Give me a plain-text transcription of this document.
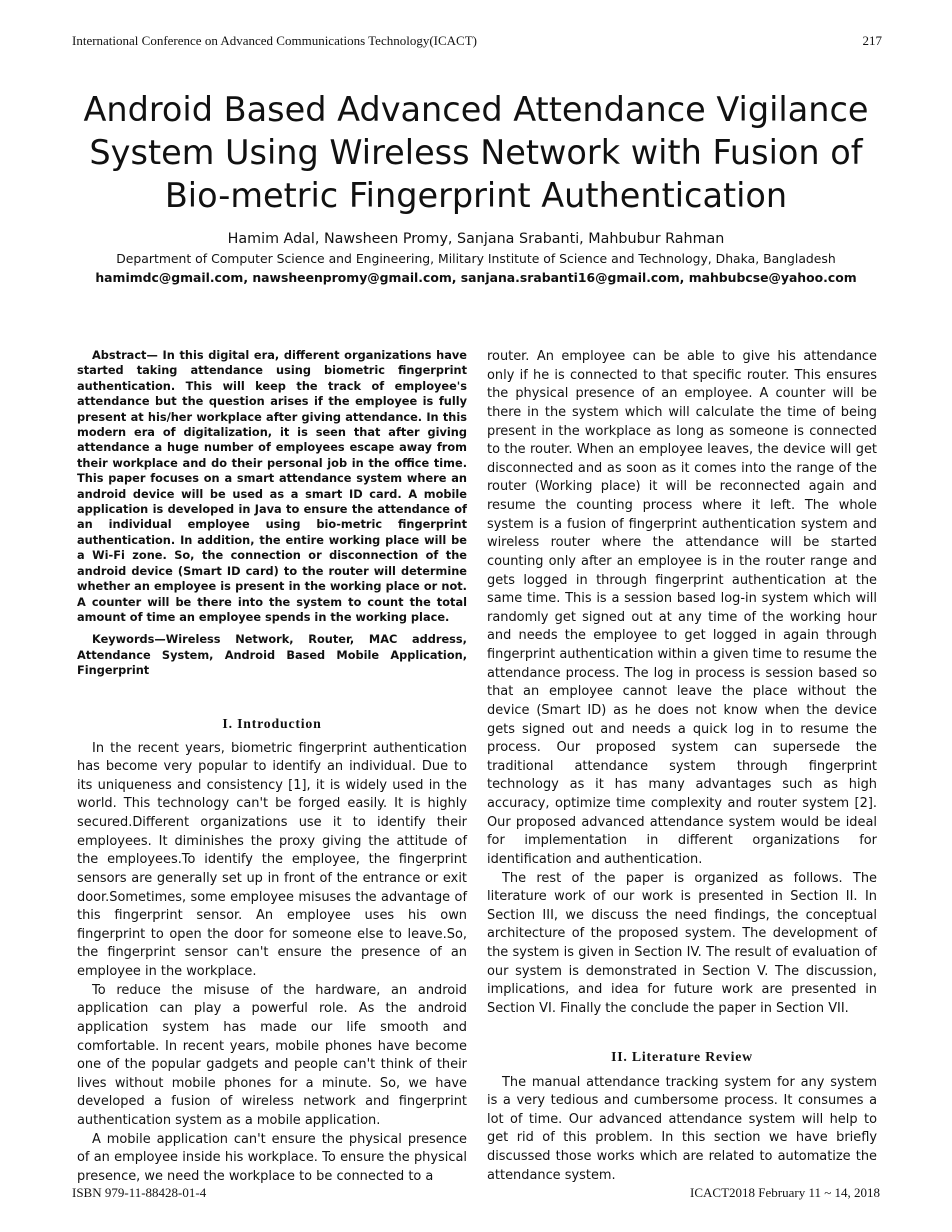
International Conference on Advanced Communications Technology(ICACT)	217
Android Based Advanced Attendance Vigilance System Using Wireless Network with Fusion of Bio-metric Fingerprint Authentication
Hamim Adal, Nawsheen Promy, Sanjana Srabanti, Mahbubur Rahman
Department of Computer Science and Engineering, Military Institute of Science and Technology, Dhaka, Bangladesh
hamimdc@gmail.com, nawsheenpromy@gmail.com, sanjana.srabanti16@gmail.com, mahbubcse@yahoo.com

Abstract— In this digital era, different organizations have started taking attendance using biometric fingerprint authentication. This will keep the track of employee's attendance but the question arises if the employee is fully present at his/her workplace after giving attendance. In this modern era of digitalization, it is seen that after giving attendance a huge number of employees escape away from their workplace and do their personal job in the office time. This paper focuses on a smart attendance system where an android device will be used as a smart ID card. A mobile application is developed in Java to ensure the attendance of an individual employee using bio-metric fingerprint authentication. In addition, the entire working place will be a Wi-Fi zone. So, the connection or disconnection of the android device (Smart ID card) to the router will determine whether an employee is present in the working place or not. A counter will be there into the system to count the total amount of time an employee spends in the working place.

Keywords—Wireless Network, Router, MAC address, Attendance System, Android Based Mobile Application, Fingerprint

I. Introduction

In the recent years, biometric fingerprint authentication has become very popular to identify an individual. Due to its uniqueness and consistency [1], it is widely used in the world. This technology can't be forged easily. It is highly secured.Different organizations use it to identify their employees. It diminishes the proxy giving the attitude of the employees.To identify the employee, the fingerprint sensors are generally set up in front of the entrance or exit door.Sometimes, some employee misuses the advantage of this fingerprint sensor. An employee uses his own fingerprint to open the door for someone else to leave.So, the fingerprint sensor can't ensure the presence of an employee in the workplace.

To reduce the misuse of the hardware, an android application can play a powerful role. As the android application system has made our life smooth and comfortable. In recent years, mobile phones have become one of the popular gadgets and people can't think of their lives without mobile phones for a minute. So, we have developed a fusion of wireless network and fingerprint authentication system as a mobile application.

A mobile application can't ensure the physical presence of an employee inside his workplace. To ensure the physical presence, we need the workplace to be connected to a

router. An employee can be able to give his attendance only if he is connected to that specific router. This ensures the physical presence of an employee. A counter will be there in the system which will calculate the time of being present in the workplace as long as someone is connected to the router. When an employee leaves, the device will get disconnected and as soon as it comes into the range of the router (Working place) it will be reconnected again and resume the counting process where it left. The whole system is a fusion of fingerprint authentication system and wireless router where the attendance will be started counting only after an employee is in the router range and gets logged in through fingerprint authentication at the same time. This is a session based log-in system which will randomly get signed out at any time of the working hour and needs the employee to get logged in again through fingerprint authentication within a given time to resume the attendance process. The log in process is session based so that an employee cannot leave the place without the device (Smart ID) as he does not know when the device gets signed out and needs a quick log in to resume the process. Our proposed system can supersede the traditional attendance system through fingerprint technology as it has many advantages such as high accuracy, optimize time complexity and router system [2]. Our proposed advanced attendance system would be ideal for implementation in different organizations for identification and authentication.

The rest of the paper is organized as follows. The literature work of our work is presented in Section II. In Section III, we discuss the need findings, the conceptual architecture of the proposed system. The development of the system is given in Section IV. The result of evaluation of our system is demonstrated in Section V. The discussion, implications, and idea for future work are presented in Section VI. Finally the conclude the paper in Section VII.

II. Literature Review

The manual attendance tracking system for any system is a very tedious and cumbersome process. It consumes a lot of time. Our advanced attendance system will help to get rid of this problem. In this section we have briefly discussed those works which are related to automatize the attendance system.

ISBN 979-11-88428-01-4	ICACT2018 February 11 ~ 14, 2018
